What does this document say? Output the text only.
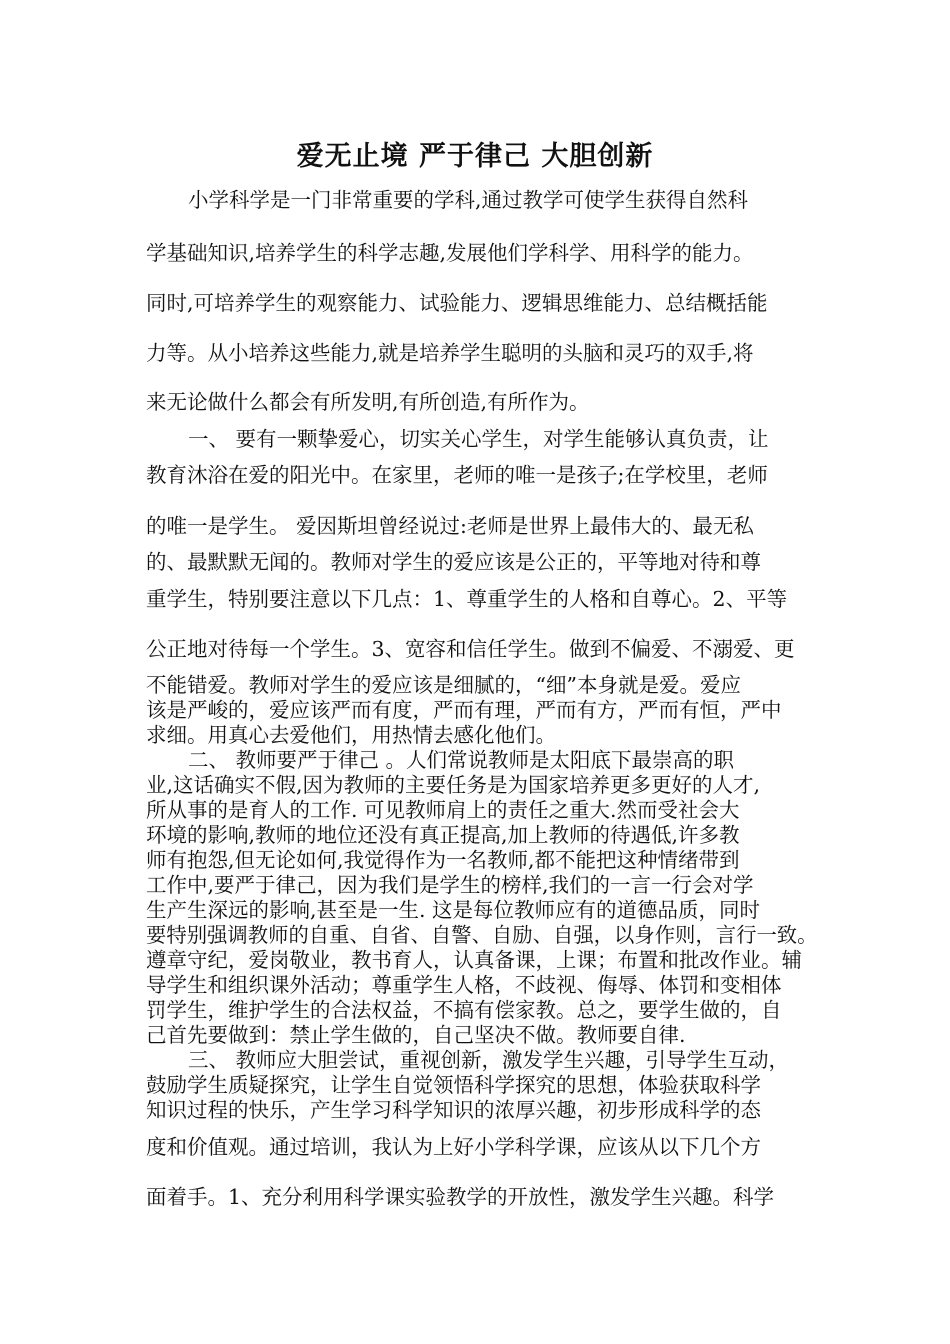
爱无止境 严于律己 大胆创新
小学科学是一门非常重要的学科,通过教学可使学生获得自然科
学基础知识,培养学生的科学志趣,发展他们学科学、用科学的能力。
同时,可培养学生的观察能力、试验能力、逻辑思维能力、总结概括能
力等。从小培养这些能力,就是培养学生聪明的头脑和灵巧的双手,将
来无论做什么都会有所发明,有所创造,有所作为。
一、 要有一颗挚爱心，切实关心学生，对学生能够认真负责，让
教育沐浴在爱的阳光中。在家里，老师的唯一是孩子;在学校里，老师
的唯一是学生。 爱因斯坦曾经说过:老师是世界上最伟大的、最无私
的、最默默无闻的。教师对学生的爱应该是公正的，平等地对待和尊
重学生，特别要注意以下几点：1、尊重学生的人格和自尊心。2、平等
公正地对待每一个学生。3、宽容和信任学生。做到不偏爱、不溺爱、更
不能错爱。教师对学生的爱应该是细腻的，“细”本身就是爱。爱应
该是严峻的，爱应该严而有度，严而有理，严而有方，严而有恒，严中
求细。用真心去爱他们，用热情去感化他们。
二、 教师要严于律己 。人们常说教师是太阳底下最崇高的职
业,这话确实不假,因为教师的主要任务是为国家培养更多更好的人才,
所从事的是育人的工作. 可见教师肩上的责任之重大.然而受社会大
环境的影响,教师的地位还没有真正提高,加上教师的待遇低,许多教
师有抱怨,但无论如何,我觉得作为一名教师,都不能把这种情绪带到
工作中,要严于律己，因为我们是学生的榜样,我们的一言一行会对学
生产生深远的影响,甚至是一生. 这是每位教师应有的道德品质，同时
要特别强调教师的自重、自省、自警、自励、自强，以身作则，言行一致。
遵章守纪，爱岗敬业，教书育人，认真备课，上课；布置和批改作业。辅
导学生和组织课外活动；尊重学生人格，不歧视、侮辱、体罚和变相体
罚学生，维护学生的合法权益，不搞有偿家教。总之，要学生做的，自
己首先要做到：禁止学生做的，自己坚决不做。教师要自律.
三、 教师应大胆尝试，重视创新，激发学生兴趣，引导学生互动，
鼓励学生质疑探究，让学生自觉领悟科学探究的思想，体验获取科学
知识过程的快乐，产生学习科学知识的浓厚兴趣，初步形成科学的态
度和价值观。通过培训，我认为上好小学科学课，应该从以下几个方
面着手。1、充分利用科学课实验教学的开放性，激发学生兴趣。科学
